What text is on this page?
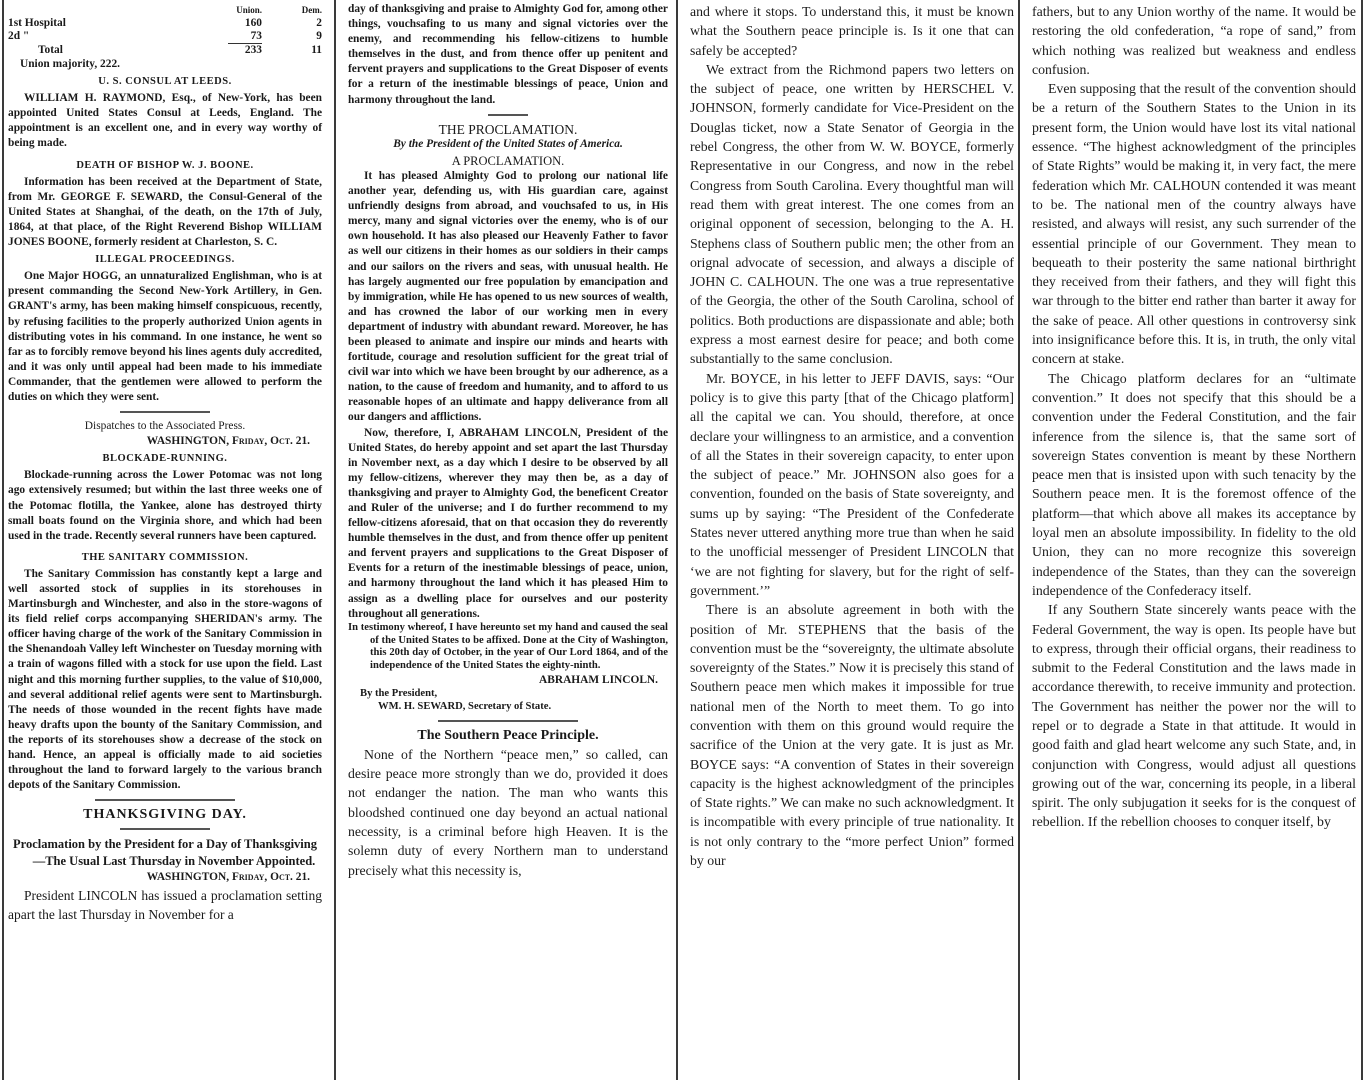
	Union.	Dem.
1st Hospital	160	2
2d "	73	9
Total	233	11

Union majority, 222.

U. S. CONSUL AT LEEDS.

WILLIAM H. RAYMOND, Esq., of New-York, has been appointed United States Consul at Leeds, England. The appointment is an excellent one, and in every way worthy of being made.

DEATH OF BISHOP W. J. BOONE.

Information has been received at the Department of State, from Mr. GEORGE F. SEWARD, the Consul-General of the United States at Shanghai, of the death, on the 17th of July, 1864, at that place, of the Right Reverend Bishop WILLIAM JONES BOONE, formerly resident at Charleston, S. C.

ILLEGAL PROCEEDINGS.

One Major HOGG, an unnaturalized Englishman, who is at present commanding the Second New-York Artillery, in Gen. GRANT's army, has been making himself conspicuous, recently, by refusing facilities to the properly authorized Union agents in distributing votes in his command. In one instance, he went so far as to forcibly remove beyond his lines agents duly accredited, and it was only until appeal had been made to his immediate Commander, that the gentlemen were allowed to perform the duties on which they were sent.

Dispatches to the Associated Press.

WASHINGTON, Friday, Oct. 21.

BLOCKADE-RUNNING.

Blockade-running across the Lower Potomac was not long ago extensively resumed; but within the last three weeks one of the Potomac flotilla, the Yankee, alone has destroyed thirty small boats found on the Virginia shore, and which had been used in the trade. Recently several runners have been captured.

THE SANITARY COMMISSION.

The Sanitary Commission has constantly kept a large and well assorted stock of supplies in its storehouses in Martinsburgh and Winchester, and also in the store-wagons of its field relief corps accompanying SHERIDAN's army. The officer having charge of the work of the Sanitary Commission in the Shenandoah Valley left Winchester on Tuesday morning with a train of wagons filled with a stock for use upon the field. Last night and this morning further supplies, to the value of $10,000, and several additional relief agents were sent to Martinsburgh. The needs of those wounded in the recent fights have made heavy drafts upon the bounty of the Sanitary Commission, and the reports of its storehouses show a decrease of the stock on hand. Hence, an appeal is officially made to aid societies throughout the land to forward largely to the various branch depots of the Sanitary Commission.

THANKSGIVING DAY.

Proclamation by the President for a Day of Thanksgiving—The Usual Last Thursday in November Appointed.

WASHINGTON, Friday, Oct. 21.

President LINCOLN has issued a proclamation setting apart the last Thursday in November for a

day of thanksgiving and praise to Almighty God for, among other things, vouchsafing to us many and signal victories over the enemy, and recommending his fellow-citizens to humble themselves in the dust, and from thence offer up penitent and fervent prayers and supplications to the Great Disposer of events for a return of the inestimable blessings of peace, Union and harmony throughout the land.

THE PROCLAMATION.

By the President of the United States of America.

A PROCLAMATION.

It has pleased Almighty God to prolong our national life another year, defending us, with His guardian care, against unfriendly designs from abroad, and vouchsafed to us, in His mercy, many and signal victories over the enemy, who is of our own household. It has also pleased our Heavenly Father to favor as well our citizens in their homes as our soldiers in their camps and our sailors on the rivers and seas, with unusual health. He has largely augmented our free population by emancipation and by immigration, while He has opened to us new sources of wealth, and has crowned the labor of our working men in every department of industry with abundant reward. Moreover, he has been pleased to animate and inspire our minds and hearts with fortitude, courage and resolution sufficient for the great trial of civil war into which we have been brought by our adherence, as a nation, to the cause of freedom and humanity, and to afford to us reasonable hopes of an ultimate and happy deliverance from all our dangers and afflictions.

Now, therefore, I, ABRAHAM LINCOLN, President of the United States, do hereby appoint and set apart the last Thursday in November next, as a day which I desire to be observed by all my fellow-citizens, wherever they may then be, as a day of thanksgiving and prayer to Almighty God, the beneficent Creator and Ruler of the universe; and I do further recommend to my fellow-citizens aforesaid, that on that occasion they do reverently humble themselves in the dust, and from thence offer up penitent and fervent prayers and supplications to the Great Disposer of Events for a return of the inestimable blessings of peace, union, and harmony throughout the land which it has pleased Him to assign as a dwelling place for ourselves and our posterity throughout all generations.

In testimony whereof, I have hereunto set my hand and caused the seal of the United States to be affixed. Done at the City of Washington, this 20th day of October, in the year of Our Lord 1864, and of the independence of the United States the eighty-ninth.

ABRAHAM LINCOLN.

By the President,

WM. H. SEWARD, Secretary of State.

The Southern Peace Principle.

None of the Northern “peace men,” so called, can desire peace more strongly than we do, provided it does not endanger the nation. The man who wants this bloodshed continued one day beyond an actual national necessity, is a criminal before high Heaven. It is the solemn duty of every Northern man to understand precisely what this necessity is,

and where it stops. To understand this, it must be known what the Southern peace principle is. Is it one that can safely be accepted?

We extract from the Richmond papers two letters on the subject of peace, one written by HERSCHEL V. JOHNSON, formerly candidate for Vice-President on the Douglas ticket, now a State Senator of Georgia in the rebel Congress, the other from W. W. BOYCE, formerly Representative in our Congress, and now in the rebel Congress from South Carolina. Every thoughtful man will read them with great interest. The one comes from an original opponent of secession, belonging to the A. H. Stephens class of Southern public men; the other from an orignal advocate of secession, and always a disciple of JOHN C. CALHOUN. The one was a true representative of the Georgia, the other of the South Carolina, school of politics. Both productions are dispassionate and able; both express a most earnest desire for peace; and both come substantially to the same conclusion.

Mr. BOYCE, in his letter to JEFF DAVIS, says: “Our policy is to give this party [that of the Chicago platform] all the capital we can. You should, therefore, at once declare your willingness to an armistice, and a convention of all the States in their sovereign capacity, to enter upon the subject of peace.” Mr. JOHNSON also goes for a convention, founded on the basis of State sovereignty, and sums up by saying: “The President of the Confederate States never uttered anything more true than when he said to the unofficial messenger of President LINCOLN that ‘we are not fighting for slavery, but for the right of self-government.’”

There is an absolute agreement in both with the position of Mr. STEPHENS that the basis of the convention must be the “sovereignty, the ultimate absolute sovereignty of the States.” Now it is precisely this stand of Southern peace men which makes it impossible for true national men of the North to meet them. To go into convention with them on this ground would require the sacrifice of the Union at the very gate. It is just as Mr. BOYCE says: “A convention of States in their sovereign capacity is the highest acknowledgment of the principles of State rights.” We can make no such acknowledgment. It is incompatible with every principle of true nationality. It is not only contrary to the “more perfect Union” formed by our

fathers, but to any Union worthy of the name. It would be restoring the old confederation, “a rope of sand,” from which nothing was realized but weakness and endless confusion.

Even supposing that the result of the convention should be a return of the Southern States to the Union in its present form, the Union would have lost its vital national essence. “The highest acknowledgment of the principles of State Rights” would be making it, in very fact, the mere federation which Mr. CALHOUN contended it was meant to be. The national men of the country always have resisted, and always will resist, any such surrender of the essential principle of our Government. They mean to bequeath to their posterity the same national birthright they received from their fathers, and they will fight this war through to the bitter end rather than barter it away for the sake of peace. All other questions in controversy sink into insignificance before this. It is, in truth, the only vital concern at stake.

The Chicago platform declares for an “ultimate convention.” It does not specify that this should be a convention under the Federal Constitution, and the fair inference from the silence is, that the same sort of sovereign States convention is meant by these Northern peace men that is insisted upon with such tenacity by the Southern peace men. It is the foremost offence of the platform—that which above all makes its acceptance by loyal men an absolute impossibility. In fidelity to the old Union, they can no more recognize this sovereign independence of the States, than they can the sovereign independence of the Confederacy itself.

If any Southern State sincerely wants peace with the Federal Government, the way is open. Its people have but to express, through their official organs, their readiness to submit to the Federal Constitution and the laws made in accordance therewith, to receive immunity and protection. The Government has neither the power nor the will to repel or to degrade a State in that attitude. It would in good faith and glad heart welcome any such State, and, in conjunction with Congress, would adjust all questions growing out of the war, concerning its people, in a liberal spirit. The only subjugation it seeks for is the conquest of rebellion. If the rebellion chooses to conquer itself, by
